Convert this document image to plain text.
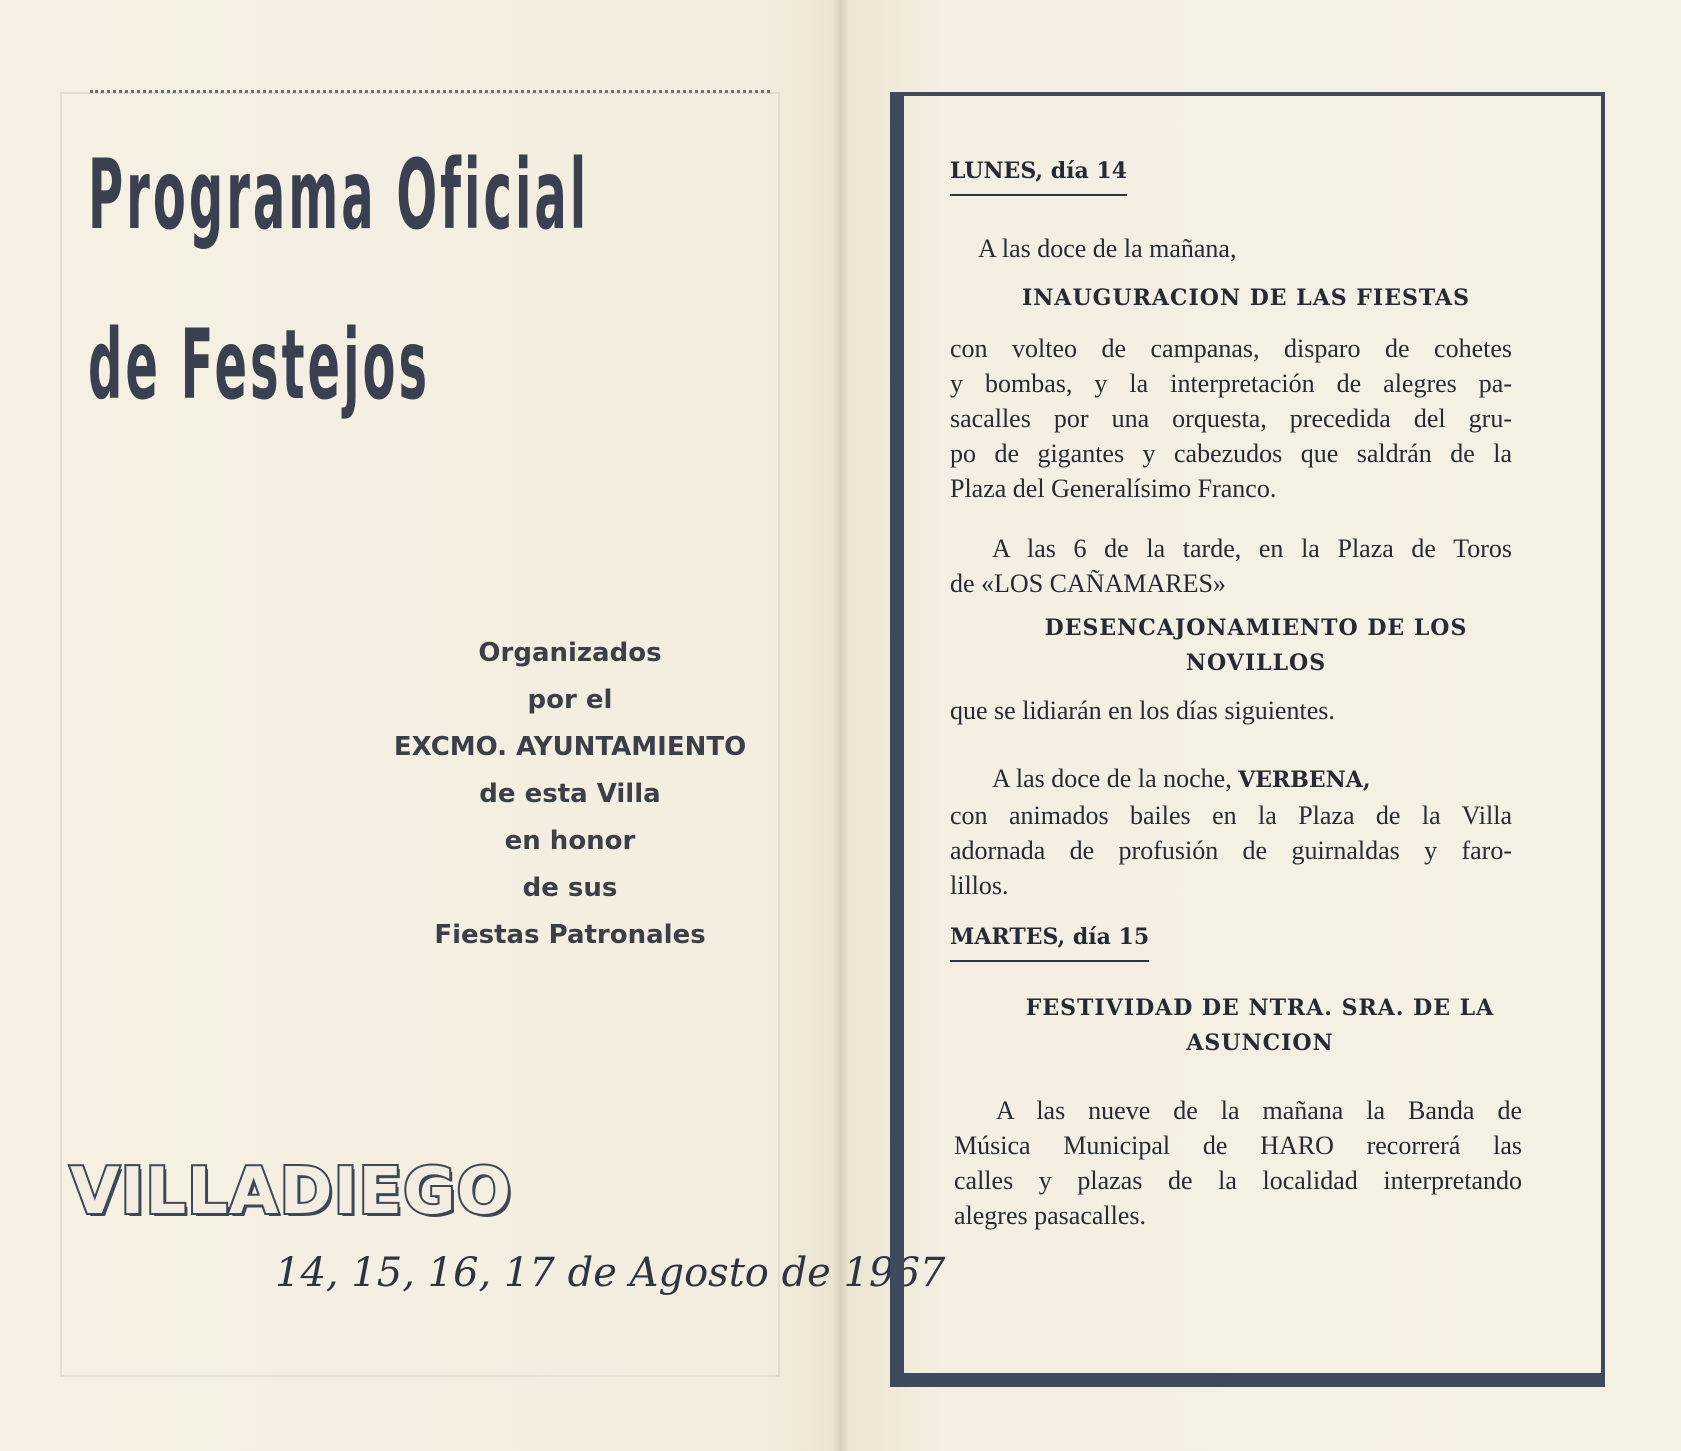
Programa Oficial
de Festejos
Organizados
por el
EXCMO. AYUNTAMIENTO
de esta Villa
en honor
de sus
Fiestas Patronales
VILLADIEGO
14, 15, 16, 17 de Agosto de 1967
LUNES, día 14
A las doce de la mañana,
INAUGURACION DE LAS FIESTAS
con volteo de campanas, disparo de cohetes
y bombas, y la interpretación de alegres pa-
sacalles por una orquesta, precedida del gru-
po de gigantes y cabezudos que saldrán de la
Plaza del Generalísimo Franco.
A las 6 de la tarde, en la Plaza de Toros
de «LOS CAÑAMARES»
DESENCAJONAMIENTO DE LOS
NOVILLOS
que se lidiarán en los días siguientes.
A las doce de la noche, VERBENA,
con animados bailes en la Plaza de la Villa
adornada de profusión de guirnaldas y faro-
lillos.
MARTES, día 15
FESTIVIDAD DE NTRA. SRA. DE LA
ASUNCION
A las nueve de la mañana la Banda de
Música Municipal de HARO recorrerá las
calles y plazas de la localidad interpretando
alegres pasacalles.
